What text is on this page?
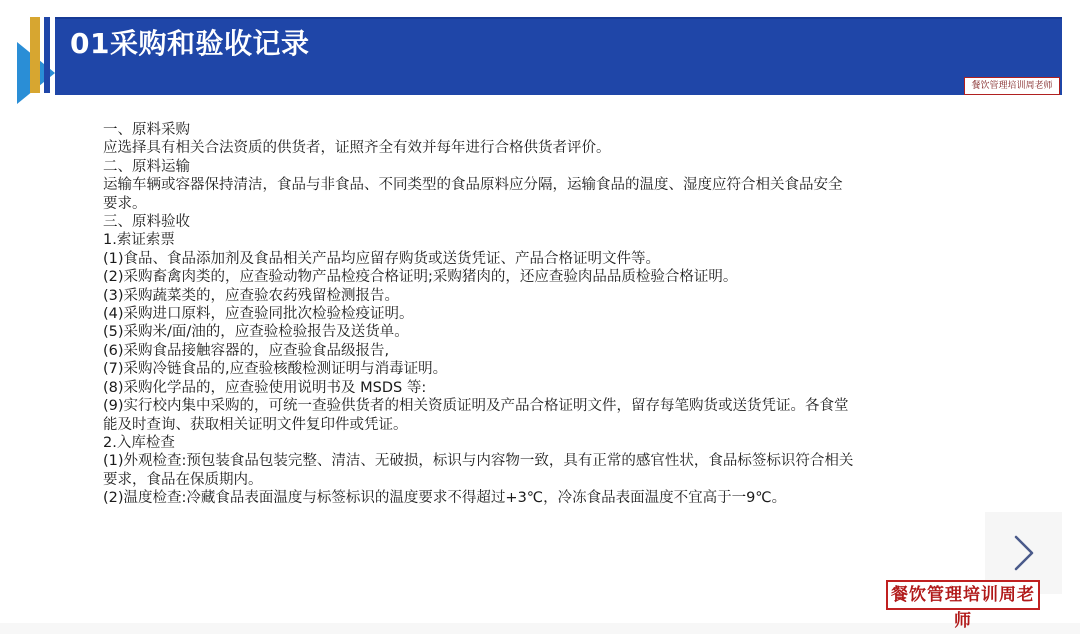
01采购和验收记录
餐饮管理培训周老师
一、原料采购
应选择具有相关合法资质的供货者，证照齐全有效并每年进行合格供货者评价。
二、原料运输
运输车辆或容器保持清洁，食品与非食品、不同类型的食品原料应分隔，运输食品的温度、湿度应符合相关食品安全
要求。
三、原料验收
1.索证索票
(1)食品、食品添加剂及食品相关产品均应留存购货或送货凭证、产品合格证明文件等。
(2)采购畜禽肉类的，应查验动物产品检疫合格证明;采购猪肉的，还应查验肉品品质检验合格证明。
(3)采购蔬菜类的，应查验农药残留检测报告。
(4)采购进口原料，应查验同批次检验检疫证明。
(5)采购米/面/油的，应查验检验报告及送货单。
(6)采购食品接触容器的，应查验食品级报告,
(7)采购冷链食品的,应查验核酸检测证明与消毒证明。
(8)采购化学品的，应查验使用说明书及 MSDS 等:
(9)实行校内集中采购的，可统一查验供货者的相关资质证明及产品合格证明文件，留存每笔购货或送货凭证。各食堂
能及时查询、获取相关证明文件复印件或凭证。
2.入库检查
(1)外观检查:预包装食品包装完整、清洁、无破损，标识与内容物一致，具有正常的感官性状，食品标签标识符合相关
要求，食品在保质期内。
(2)温度检查:冷藏食品表面温度与标签标识的温度要求不得超过+3℃，冷冻食品表面温度不宜高于一9℃。
餐饮管理培训周老师
